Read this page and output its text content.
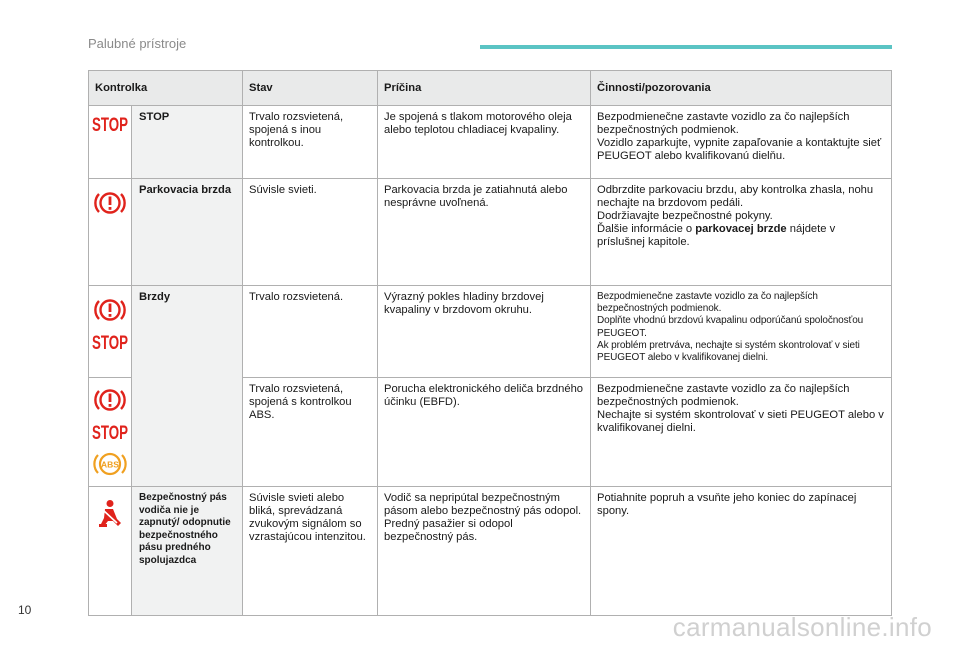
Palubné prístroje
Kontrolka		Stav	Príčina	Činnosti/pozorovania

STOP	STOP	Trvalo rozsvietená, spojená s inou kontrolkou.	Je spojená s tlakom motorového oleja alebo teplotou chladiacej kvapaliny.	Bezpodmienečne zastavte vozidlo za čo najlepších bezpečnostných podmienok.
Vozidlo zaparkujte, vypnite zapaľovanie a kontaktujte sieť PEUGEOT alebo kvalifikovanú dielňu.
	Parkovacia brzda	Súvisle svieti.	Parkovacia brzda je zatiahnutá alebo nesprávne uvoľnená.	Odbrzdite parkovaciu brzdu, aby kontrolka zhasla, nohu nechajte na brzdovom pedáli.
Dodržiavajte bezpečnostné pokyny.
Ďalšie informácie o parkovacej brzde nájdete v príslušnej kapitole.

STOP	Brzdy	Trvalo rozsvietená.	Výrazný pokles hladiny brzdovej kvapaliny v brzdovom okruhu.	Bezpodmienečne zastavte vozidlo za čo najlepších bezpečnostných podmienok.
Doplňte vhodnú brzdovú kvapalinu odporúčanú spoločnosťou PEUGEOT.
Ak problém pretrváva, nechajte si systém skontrolovať v sieti PEUGEOT alebo v kvalifikovanej dielni.

STOP
ABS		Trvalo rozsvietená, spojená s kontrolkou ABS.	Porucha elektronického deliča brzdného účinku (EBFD).	Bezpodmienečne zastavte vozidlo za čo najlepších bezpečnostných podmienok.
Nechajte si systém skontrolovať v sieti PEUGEOT alebo v kvalifikovanej dielni.
	Bezpečnostný pás vodiča nie je zapnutý/ odopnutie bezpečnostného pásu predného spolujazdca	Súvisle svieti alebo bliká, sprevádzaná zvukovým signálom so vzrastajúcou intenzitou.	Vodič sa nepripútal bezpečnostným pásom alebo bezpečnostný pás odopol.
Predný pasažier si odopol bezpečnostný pás.	Potiahnite popruh a vsuňte jeho koniec do zapínacej spony.
10
carmanualsonline.info
